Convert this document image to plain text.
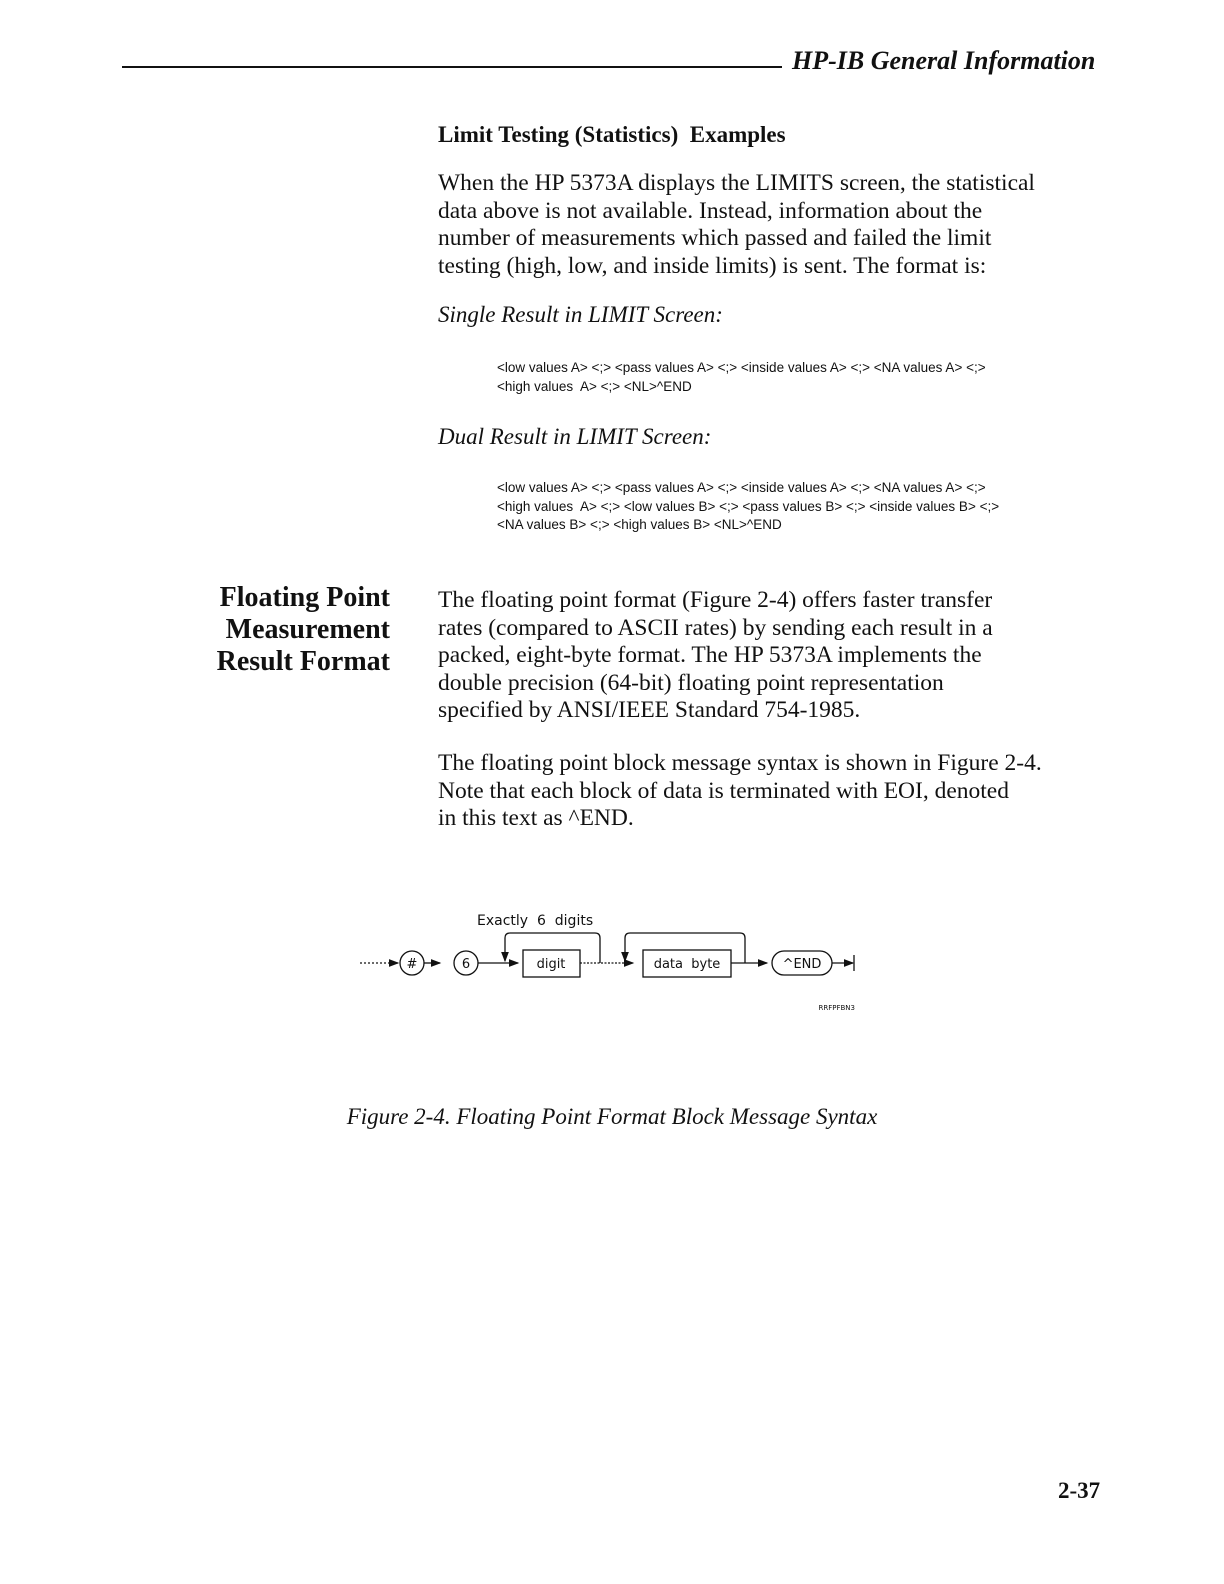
HP-IB General Information
Limit Testing (Statistics)  Examples

When the HP 5373A displays the LIMITS screen, the statistical

data above is not available. Instead, information about the

number of measurements which passed and failed the limit

testing (high, low, and inside limits) is sent. The format is:

Single Result in LIMIT Screen:
<low values A> <;> <pass values A> <;> <inside values A> <;> <NA values A> <;>
<high values  A> <;> <NL>^END
Dual Result in LIMIT Screen:
<low values A> <;> <pass values A> <;> <inside values A> <;> <NA values A> <;>
<high values  A> <;> <low values B> <;> <pass values B> <;> <inside values B> <;>
<NA values B> <;> <high values B> <NL>^END
Floating Point
Measurement
Result Format

The floating point format (Figure 2-4) offers faster transfer

rates (compared to ASCII rates) by sending each result in a

packed, eight-byte format. The HP 5373A implements the

double precision (64-bit) floating point representation

specified by ANSI/IEEE Standard 754-1985.

The floating point block message syntax is shown in Figure 2-4.

Note that each block of data is terminated with EOI, denoted

in this text as ^END.

Exactly  6  digits
#	6	digit	data  byte	^END
RRFPFBN3
Figure 2-4. Floating Point Format Block Message Syntax
2-37
